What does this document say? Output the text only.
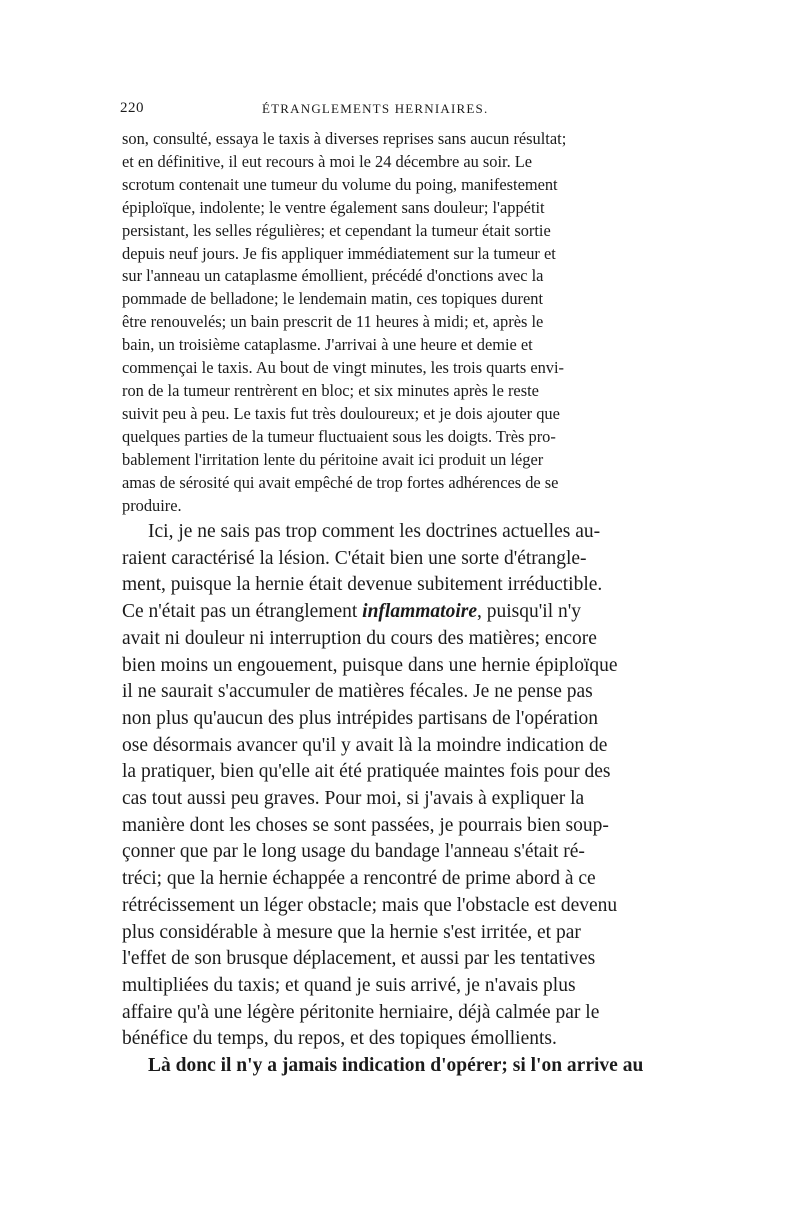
220	ÉTRANGLEMENTS HERNIAIRES.
son, consulté, essaya le taxis à diverses reprises sans aucun résultat;
et en définitive, il eut recours à moi le 24 décembre au soir. Le
scrotum contenait une tumeur du volume du poing, manifestement
épiploïque, indolente; le ventre également sans douleur; l'appétit
persistant, les selles régulières; et cependant la tumeur était sortie
depuis neuf jours. Je fis appliquer immédiatement sur la tumeur et
sur l'anneau un cataplasme émollient, précédé d'onctions avec la
pommade de belladone; le lendemain matin, ces topiques durent
être renouvelés; un bain prescrit de 11 heures à midi; et, après le
bain, un troisième cataplasme. J'arrivai à une heure et demie et
commençai le taxis. Au bout de vingt minutes, les trois quarts envi-
ron de la tumeur rentrèrent en bloc; et six minutes après le reste
suivit peu à peu. Le taxis fut très douloureux; et je dois ajouter que
quelques parties de la tumeur fluctuaient sous les doigts. Très pro-
bablement l'irritation lente du péritoine avait ici produit un léger
amas de sérosité qui avait empêché de trop fortes adhérences de se
produire.
Ici, je ne sais pas trop comment les doctrines actuelles au-
raient caractérisé la lésion. C'était bien une sorte d'étrangle-
ment, puisque la hernie était devenue subitement irréductible.
Ce n'était pas un étranglement inflammatoire, puisqu'il n'y
avait ni douleur ni interruption du cours des matières; encore
bien moins un engouement, puisque dans une hernie épiploïque
il ne saurait s'accumuler de matières fécales. Je ne pense pas
non plus qu'aucun des plus intrépides partisans de l'opération
ose désormais avancer qu'il y avait là la moindre indication de
la pratiquer, bien qu'elle ait été pratiquée maintes fois pour des
cas tout aussi peu graves. Pour moi, si j'avais à expliquer la
manière dont les choses se sont passées, je pourrais bien soup-
çonner que par le long usage du bandage l'anneau s'était ré-
tréci; que la hernie échappée a rencontré de prime abord à ce
rétrécissement un léger obstacle; mais que l'obstacle est devenu
plus considérable à mesure que la hernie s'est irritée, et par
l'effet de son brusque déplacement, et aussi par les tentatives
multipliées du taxis; et quand je suis arrivé, je n'avais plus
affaire qu'à une légère péritonite herniaire, déjà calmée par le
bénéfice du temps, du repos, et des topiques émollients.
Là donc il n'y a jamais indication d'opérer; si l'on arrive au
